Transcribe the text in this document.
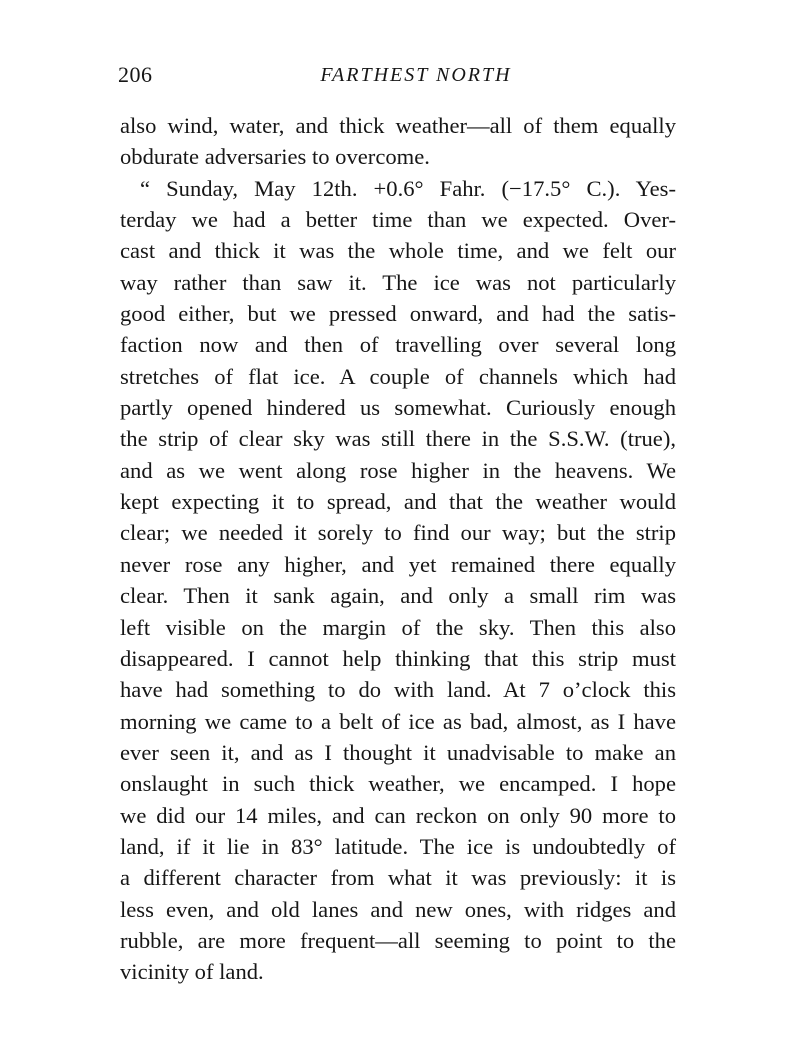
206	FARTHEST NORTH
also wind, water, and thick weather—all of them equally
obdurate adversaries to overcome.
“ Sunday, May 12th. +0.6° Fahr. (−17.5° C.). Yes-
terday we had a better time than we expected. Over-
cast and thick it was the whole time, and we felt our
way rather than saw it. The ice was not particularly
good either, but we pressed onward, and had the satis-
faction now and then of travelling over several long
stretches of flat ice. A couple of channels which had
partly opened hindered us somewhat. Curiously enough
the strip of clear sky was still there in the S.S.W. (true),
and as we went along rose higher in the heavens. We
kept expecting it to spread, and that the weather would
clear; we needed it sorely to find our way; but the strip
never rose any higher, and yet remained there equally
clear. Then it sank again, and only a small rim was
left visible on the margin of the sky. Then this also
disappeared. I cannot help thinking that this strip must
have had something to do with land. At 7 o’clock this
morning we came to a belt of ice as bad, almost, as I have
ever seen it, and as I thought it unadvisable to make an
onslaught in such thick weather, we encamped. I hope
we did our 14 miles, and can reckon on only 90 more to
land, if it lie in 83° latitude. The ice is undoubtedly of
a different character from what it was previously: it is
less even, and old lanes and new ones, with ridges and
rubble, are more frequent—all seeming to point to the
vicinity of land.
